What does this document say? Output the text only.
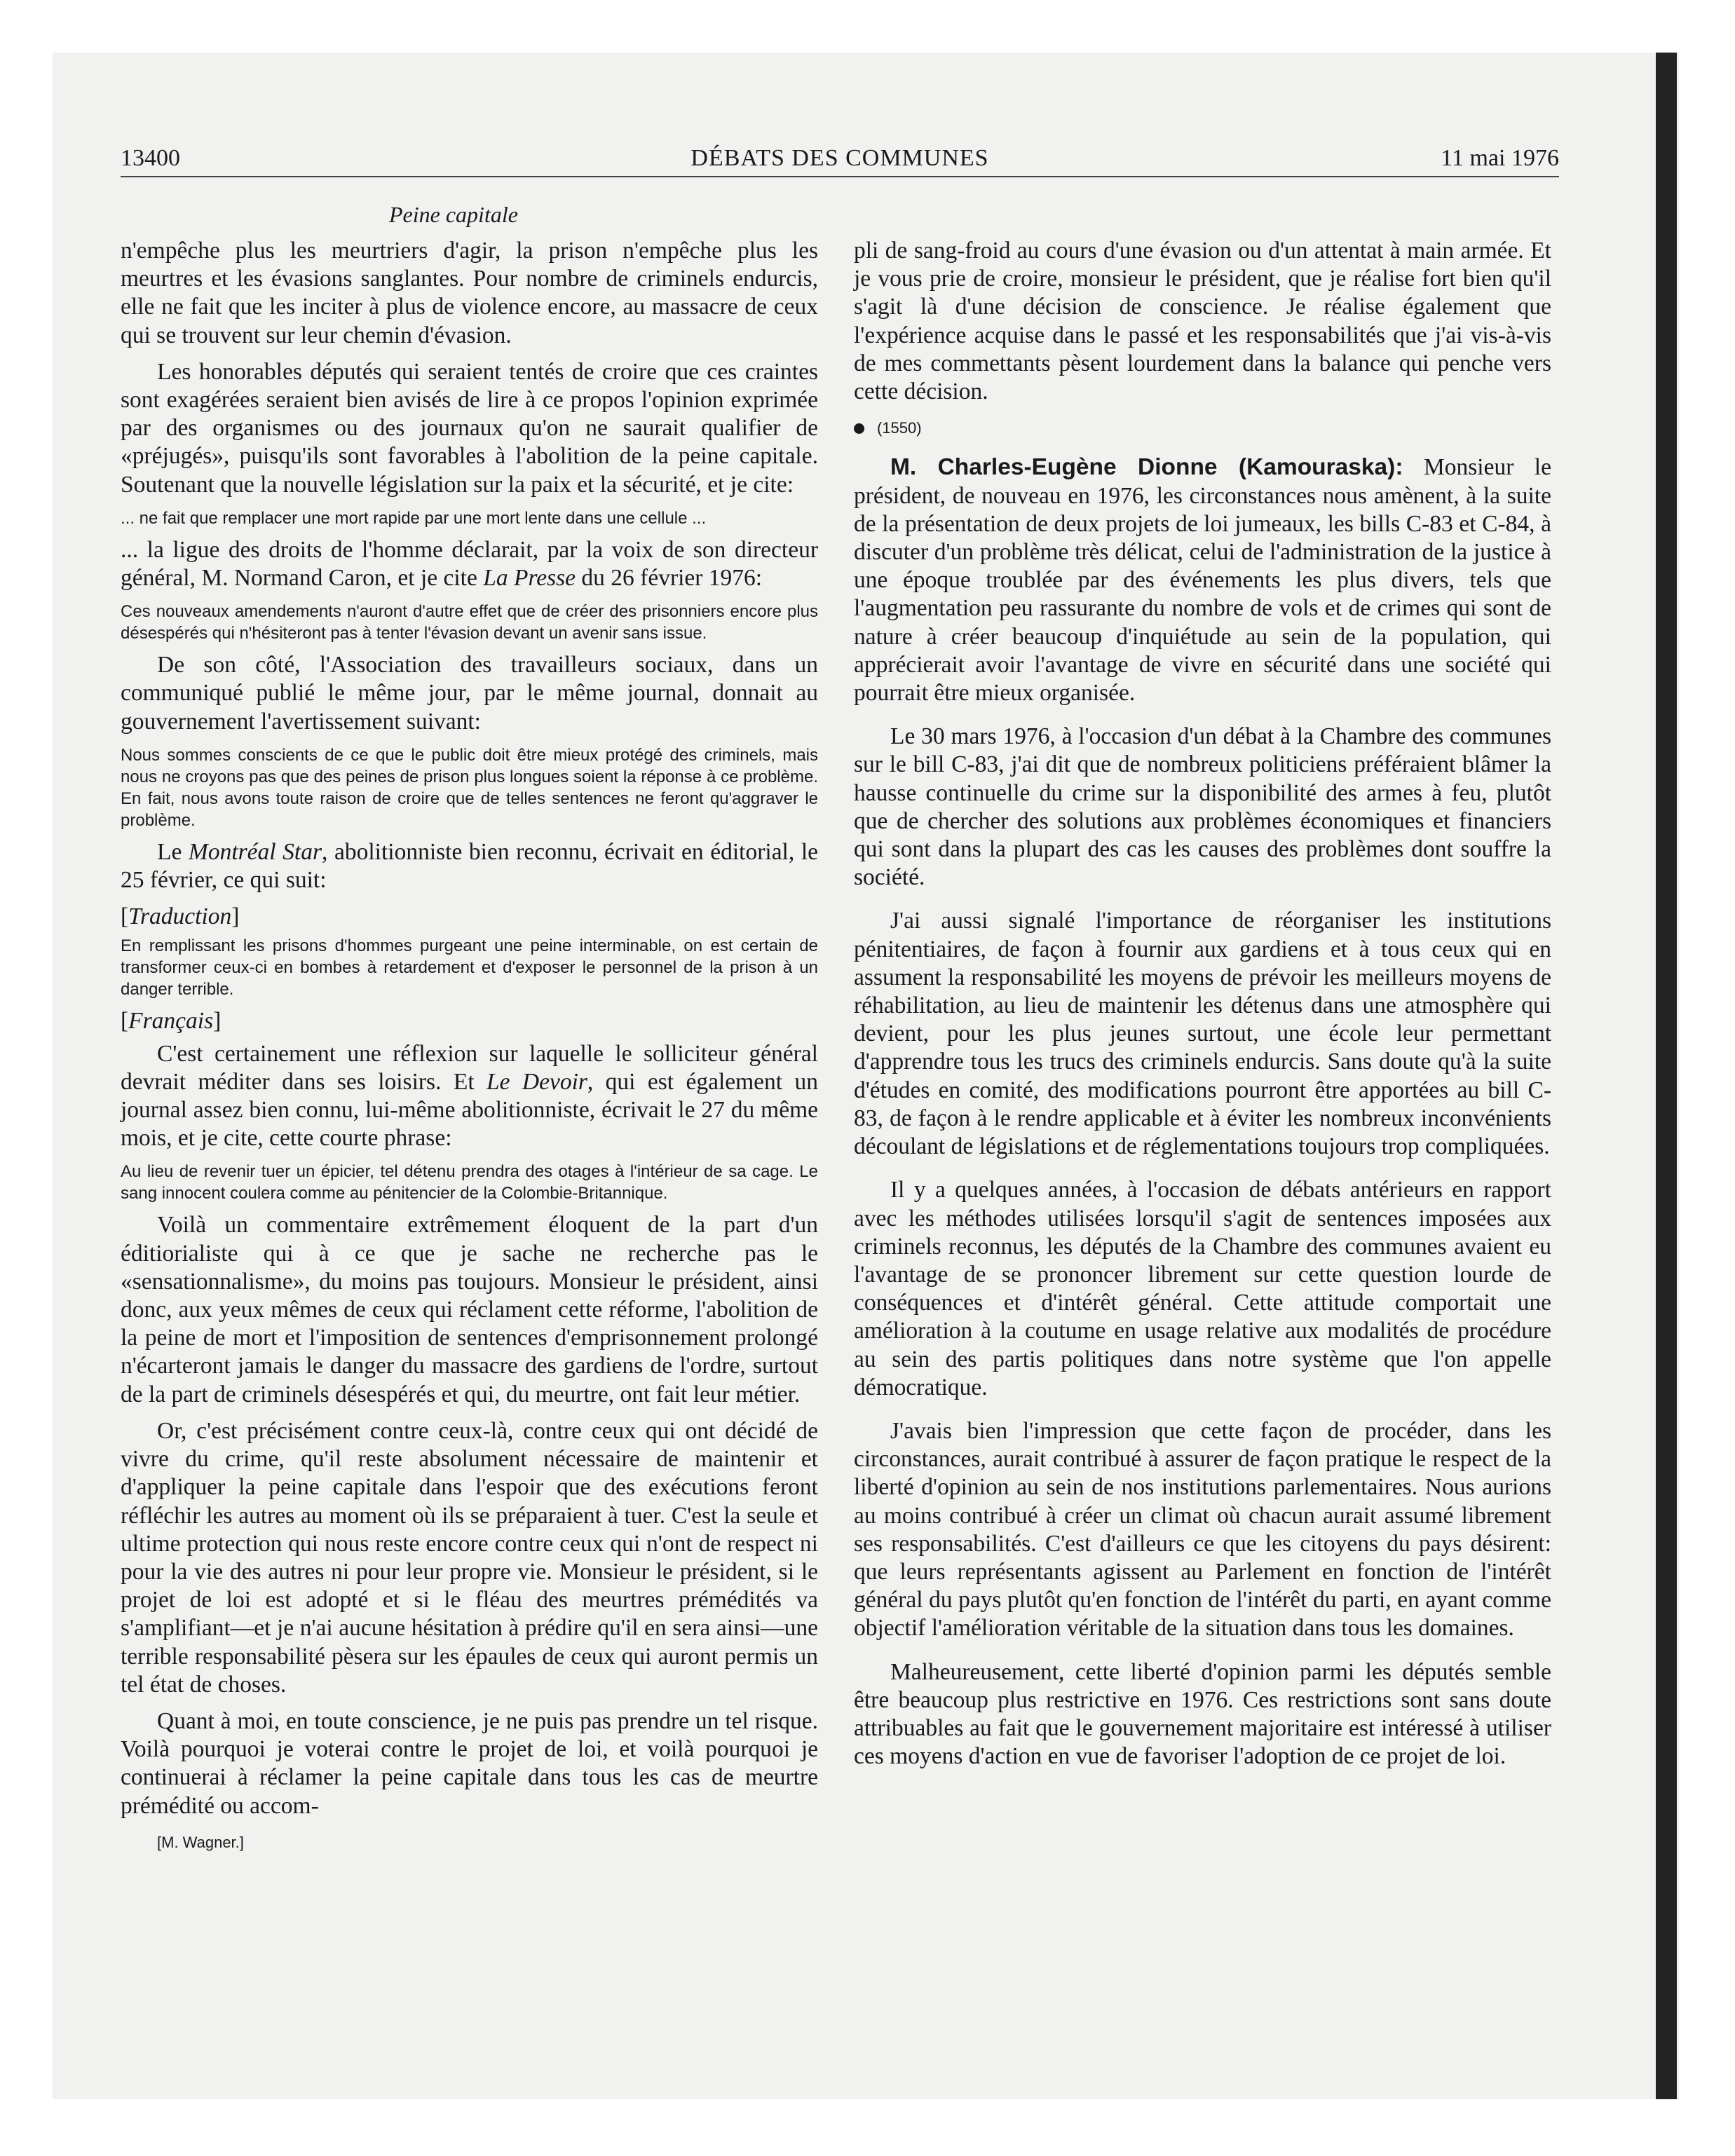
13400	DÉBATS DES COMMUNES	11 mai 1976
Peine capitale

n'empêche plus les meurtriers d'agir, la prison n'empêche plus les meurtres et les évasions sanglantes. Pour nombre de criminels endurcis, elle ne fait que les inciter à plus de violence encore, au massacre de ceux qui se trouvent sur leur chemin d'évasion.

Les honorables députés qui seraient tentés de croire que ces craintes sont exagérées seraient bien avisés de lire à ce propos l'opinion exprimée par des organismes ou des journaux qu'on ne saurait qualifier de «préjugés», puisqu'ils sont favorables à l'abolition de la peine capitale. Soutenant que la nouvelle législation sur la paix et la sécurité, et je cite:

... ne fait que remplacer une mort rapide par une mort lente dans une cellule ...

... la ligue des droits de l'homme déclarait, par la voix de son directeur général, M. Normand Caron, et je cite La Presse du 26 février 1976:

Ces nouveaux amendements n'auront d'autre effet que de créer des prisonniers encore plus désespérés qui n'hésiteront pas à tenter l'évasion devant un avenir sans issue.

De son côté, l'Association des travailleurs sociaux, dans un communiqué publié le même jour, par le même journal, donnait au gouvernement l'avertissement suivant:

Nous sommes conscients de ce que le public doit être mieux protégé des criminels, mais nous ne croyons pas que des peines de prison plus longues soient la réponse à ce problème. En fait, nous avons toute raison de croire que de telles sentences ne feront qu'aggraver le problème.

Le Montréal Star, abolitionniste bien reconnu, écrivait en éditorial, le 25 février, ce qui suit:

[Traduction]

En remplissant les prisons d'hommes purgeant une peine interminable, on est certain de transformer ceux-ci en bombes à retardement et d'exposer le personnel de la prison à un danger terrible.

[Français]

C'est certainement une réflexion sur laquelle le solliciteur général devrait méditer dans ses loisirs. Et Le Devoir, qui est également un journal assez bien connu, lui-même abolitionniste, écrivait le 27 du même mois, et je cite, cette courte phrase:

Au lieu de revenir tuer un épicier, tel détenu prendra des otages à l'intérieur de sa cage. Le sang innocent coulera comme au pénitencier de la Colombie-Britannique.

Voilà un commentaire extrêmement éloquent de la part d'un éditiorialiste qui à ce que je sache ne recherche pas le «sensationnalisme», du moins pas toujours. Monsieur le président, ainsi donc, aux yeux mêmes de ceux qui réclament cette réforme, l'abolition de la peine de mort et l'imposition de sentences d'emprisonnement prolongé n'écarteront jamais le danger du massacre des gardiens de l'ordre, surtout de la part de criminels désespérés et qui, du meurtre, ont fait leur métier.

Or, c'est précisément contre ceux-là, contre ceux qui ont décidé de vivre du crime, qu'il reste absolument nécessaire de maintenir et d'appliquer la peine capitale dans l'espoir que des exécutions feront réfléchir les autres au moment où ils se préparaient à tuer. C'est la seule et ultime protection qui nous reste encore contre ceux qui n'ont de respect ni pour la vie des autres ni pour leur propre vie. Monsieur le président, si le projet de loi est adopté et si le fléau des meurtres prémédités va s'amplifiant—et je n'ai aucune hésitation à prédire qu'il en sera ainsi—une terrible responsabilité pèsera sur les épaules de ceux qui auront permis un tel état de choses.

Quant à moi, en toute conscience, je ne puis pas prendre un tel risque. Voilà pourquoi je voterai contre le projet de loi, et voilà pourquoi je continuerai à réclamer la peine capitale dans tous les cas de meurtre prémédité ou accom-

[M. Wagner.]

pli de sang-froid au cours d'une évasion ou d'un attentat à main armée. Et je vous prie de croire, monsieur le président, que je réalise fort bien qu'il s'agit là d'une décision de conscience. Je réalise également que l'expérience acquise dans le passé et les responsabilités que j'ai vis-à-vis de mes commettants pèsent lourdement dans la balance qui penche vers cette décision.

(1550)

M. Charles-Eugène Dionne (Kamouraska): Monsieur le président, de nouveau en 1976, les circonstances nous amènent, à la suite de la présentation de deux projets de loi jumeaux, les bills C-83 et C-84, à discuter d'un problème très délicat, celui de l'administration de la justice à une époque troublée par des événements les plus divers, tels que l'augmentation peu rassurante du nombre de vols et de crimes qui sont de nature à créer beaucoup d'inquiétude au sein de la population, qui apprécierait avoir l'avantage de vivre en sécurité dans une société qui pourrait être mieux organisée.

Le 30 mars 1976, à l'occasion d'un débat à la Chambre des communes sur le bill C-83, j'ai dit que de nombreux politiciens préféraient blâmer la hausse continuelle du crime sur la disponibilité des armes à feu, plutôt que de chercher des solutions aux problèmes économiques et financiers qui sont dans la plupart des cas les causes des problèmes dont souffre la société.

J'ai aussi signalé l'importance de réorganiser les institutions pénitentiaires, de façon à fournir aux gardiens et à tous ceux qui en assument la responsabilité les moyens de prévoir les meilleurs moyens de réhabilitation, au lieu de maintenir les détenus dans une atmosphère qui devient, pour les plus jeunes surtout, une école leur permettant d'apprendre tous les trucs des criminels endurcis. Sans doute qu'à la suite d'études en comité, des modifications pourront être apportées au bill C-83, de façon à le rendre applicable et à éviter les nombreux inconvénients découlant de législations et de réglementations toujours trop compliquées.

Il y a quelques années, à l'occasion de débats antérieurs en rapport avec les méthodes utilisées lorsqu'il s'agit de sentences imposées aux criminels reconnus, les députés de la Chambre des communes avaient eu l'avantage de se prononcer librement sur cette question lourde de conséquences et d'intérêt général. Cette attitude comportait une amélioration à la coutume en usage relative aux modalités de procédure au sein des partis politiques dans notre système que l'on appelle démocratique.

J'avais bien l'impression que cette façon de procéder, dans les circonstances, aurait contribué à assurer de façon pratique le respect de la liberté d'opinion au sein de nos institutions parlementaires. Nous aurions au moins contribué à créer un climat où chacun aurait assumé librement ses responsabilités. C'est d'ailleurs ce que les citoyens du pays désirent: que leurs représentants agissent au Parlement en fonction de l'intérêt général du pays plutôt qu'en fonction de l'intérêt du parti, en ayant comme objectif l'amélioration véritable de la situation dans tous les domaines.

Malheureusement, cette liberté d'opinion parmi les députés semble être beaucoup plus restrictive en 1976. Ces restrictions sont sans doute attribuables au fait que le gouvernement majoritaire est intéressé à utiliser ces moyens d'action en vue de favoriser l'adoption de ce projet de loi.
